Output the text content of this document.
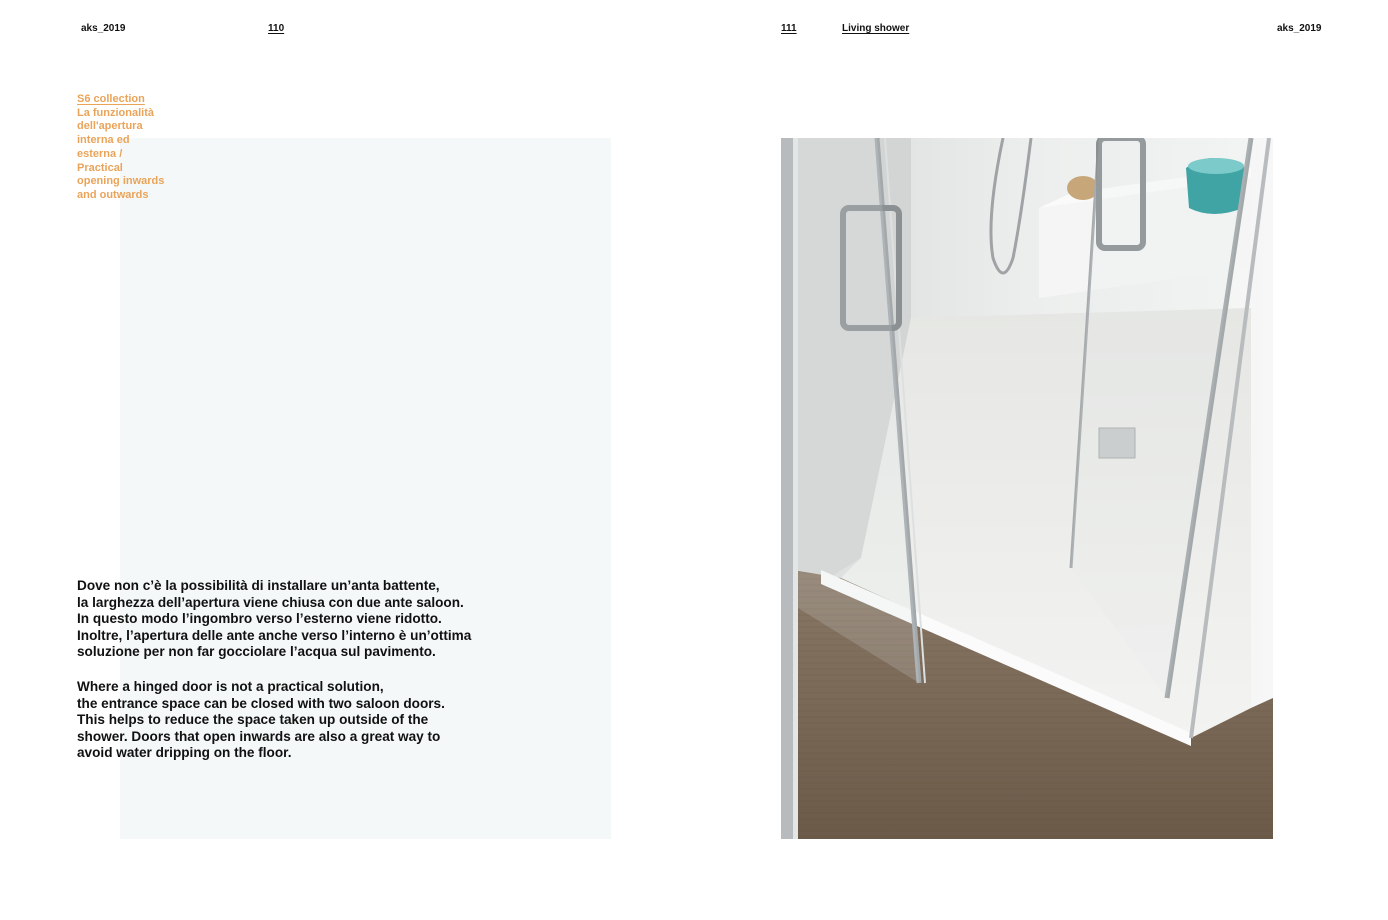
aks_2019	110	111	Living shower	aks_2019

S6 collection

La funzionalità

dell'apertura

interna ed

esterna /

Practical

opening inwards

and outwards

Dove non c’è la possibilità di installare un’anta battente,
la larghezza dell’apertura viene chiusa con due ante saloon.
In questo modo l’ingombro verso l’esterno viene ridotto.
Inoltre, l’apertura delle ante anche verso l’interno è un’ottima
soluzione per non far gocciolare l’acqua sul pavimento.

Where a hinged door is not a practical solution,
the entrance space can be closed with two saloon doors.
This helps to reduce the space taken up outside of the
shower. Doors that open inwards are also a great way to
avoid water dripping on the floor.
